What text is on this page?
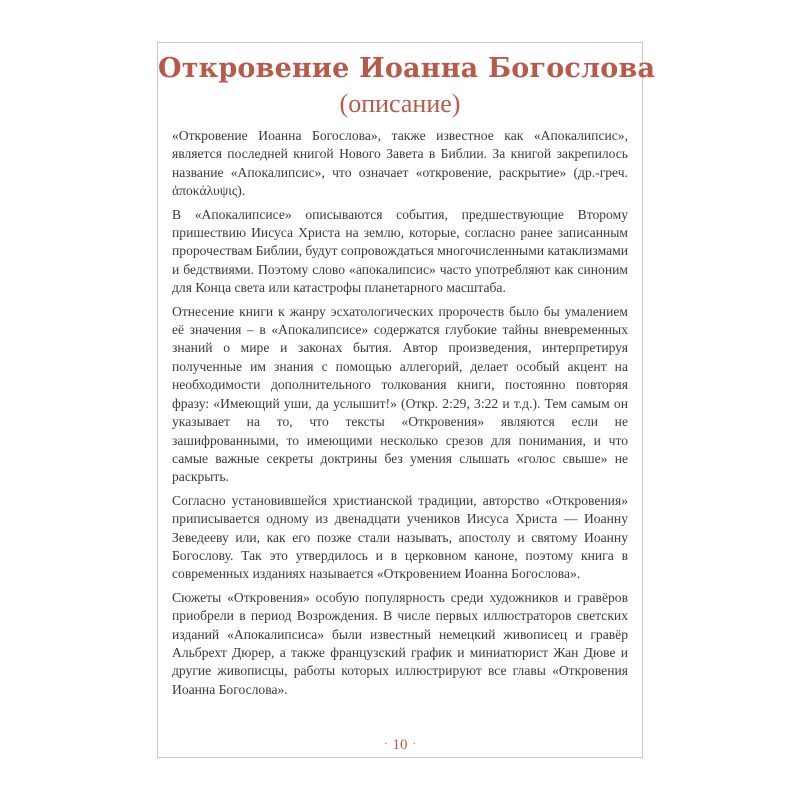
Откровение Иоанна Богослова
(описание)

«Откровение Иоанна Богослова», также известное как «Апокалипсис», является последней книгой Нового Завета в Библии. За книгой закрепилось название «Апокалипсис», что означает «откровение, раскрытие» (др.-греч. ἀποκάλυψις).

В «Апокалипсисе» описываются события, предшествующие Второму пришествию Иисуса Христа на землю, которые, согласно ранее записанным пророчествам Библии, будут сопровождаться многочисленными катаклизмами и бедствиями. Поэтому слово «апокалипсис» часто употребляют как синоним для Конца света или катастрофы планетарного масштаба.

Отнесение книги к жанру эсхатологических пророчеств было бы умалением её значения – в «Апокалипсисе» содержатся глубокие тайны вневременных знаний о мире и законах бытия. Автор произведения, интерпретируя полученные им знания с помощью аллегорий, делает особый акцент на необходимости дополнительного толкования книги, постоянно повторяя фразу: «Имеющий уши, да услышит!» (Откр. 2:29, 3:22 и т.д.). Тем самым он указывает на то, что тексты «Откровения» являются если не зашифрованными, то имеющими несколько срезов для понимания, и что самые важные секреты доктрины без умения слышать «голос свыше» не раскрыть.

Согласно установившейся христианской традиции, авторство «Откровения» приписывается одному из двенадцати учеников Иисуса Христа — Иоанну Зеведееву или, как его позже стали называть, апостолу и святому Иоанну Богослову. Так это утвердилось и в церковном каноне, поэтому книга в современных изданиях называется «Откровением Иоанна Богослова».

Сюжеты «Откровения» особую популярность среди художников и гравёров приобрели в период Возрождения. В числе первых иллюстраторов светских изданий «Апокалипсиса» были известный немецкий живописец и гравёр Альбрехт Дюрер, а также французский график и миниатюрист Жан Дюве и другие живописцы, работы которых иллюстрируют все главы «Откровения Иоанна Богослова».

· 10 ·
